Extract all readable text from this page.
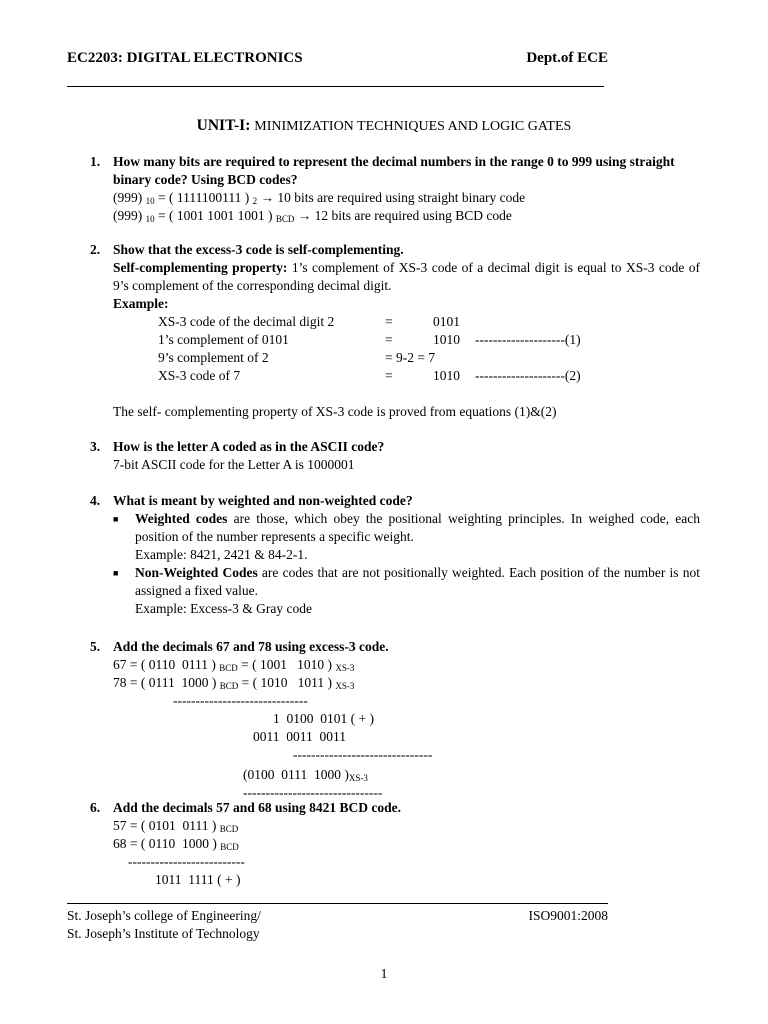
EC2203: DIGITAL ELECTRONICS	Dept.of ECE
UNIT-I: MINIMIZATION TECHNIQUES AND LOGIC GATES
1. How many bits are required to represent the decimal numbers in the range 0 to 999 using straight binary code? Using BCD codes?
(999) $_{10}$ = ( 1111100111 ) $_2$ → 10 bits are required using straight binary code
(999) $_{10}$ = ( 1001 1001 1001 ) $_{BCD}$ → 12 bits are required using BCD code
2. Show that the excess-3 code is self-complementing.
Self-complementing property: 1’s complement of XS-3 code of a decimal digit is equal to XS-3 code of 9’s complement of the corresponding decimal digit.
Example:
XS-3 code of the decimal digit 2	=	0101
1’s complement of 0101	=	1010 --------------------(1)
9’s complement of 2	= 9-2 = 7
XS-3 code of 7	=	1010 --------------------(2)
The self- complementing property of XS-3 code is proved from equations (1)&(2)
3. How is the letter A coded as in the ASCII code?
7-bit ASCII code for the Letter A is 1000001
4. What is meant by weighted and non-weighted code?
■ Weighted codes are those, which obey the positional weighting principles. In weighed code, each position of the number represents a specific weight.
Example: 8421, 2421 & 84-2-1.
■ Non-Weighted Codes are codes that are not positionally weighted. Each position of the number is not assigned a fixed value.
Example: Excess-3 & Gray code
5. Add the decimals 67 and 78 using excess-3 code.
67 = ( 0110  0111 ) $_{BCD}$ = ( 1001   1010 ) $_{XS-3}$
78 = ( 0111  1000 ) $_{BCD}$ = ( 1010   1011 ) $_{XS-3}$
------------------------------
1  0100  0101 ( + )
0011  0011  0011
-------------------------------
(0100  0111  1000 )$_{XS-3}$
-------------------------------
6. Add the decimals 57 and 68 using 8421 BCD code.
57 = ( 0101  0111 ) $_{BCD}$
68 = ( 0110  1000 ) $_{BCD}$
--------------------------
1011  1111 ( + )
St. Joseph’s college of Engineering/
St. Joseph’s Institute of Technology
ISO9001:2008
1
